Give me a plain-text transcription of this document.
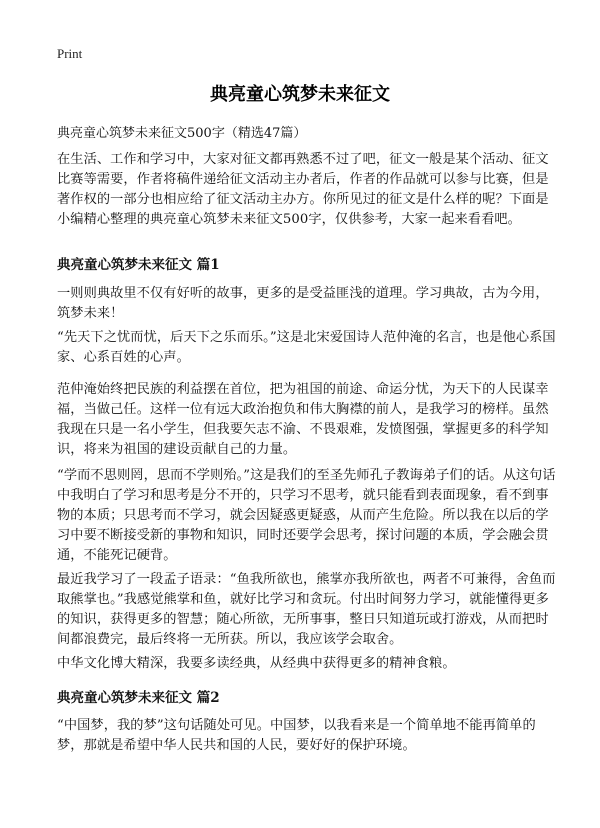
Print
典亮童心筑梦未来征文

典亮童心筑梦未来征文500字（精选47篇）

在生活、工作和学习中，大家对征文都再熟悉不过了吧，征文一般是某个活动、征文比赛等需要，作者将稿件递给征文活动主办者后，作者的作品就可以参与比赛，但是著作权的一部分也相应给了征文活动主办方。你所见过的征文是什么样的呢？下面是小编精心整理的典亮童心筑梦未来征文500字，仅供参考，大家一起来看看吧。

典亮童心筑梦未来征文 篇1

一则则典故里不仅有好听的故事，更多的是受益匪浅的道理。学习典故，古为今用，筑梦未来！

“先天下之忧而忧，后天下之乐而乐。”这是北宋爱国诗人范仲淹的名言，也是他心系国家、心系百姓的心声。

范仲淹始终把民族的利益摆在首位，把为祖国的前途、命运分忧，为天下的人民谋幸福，当做己任。这样一位有远大政治抱负和伟大胸襟的前人，是我学习的榜样。虽然我现在只是一名小学生，但我要矢志不渝、不畏艰难，发愤图强，掌握更多的科学知识，将来为祖国的建设贡献自己的力量。

“学而不思则罔，思而不学则殆。”这是我们的至圣先师孔子教诲弟子们的话。从这句话中我明白了学习和思考是分不开的，只学习不思考，就只能看到表面现象，看不到事物的本质；只思考而不学习，就会因疑惑更疑惑，从而产生危险。所以我在以后的学习中要不断接受新的事物和知识，同时还要学会思考，探讨问题的本质，学会融会贯通，不能死记硬背。

最近我学习了一段孟子语录：“鱼我所欲也，熊掌亦我所欲也，两者不可兼得，舍鱼而取熊掌也。”我感觉熊掌和鱼，就好比学习和贪玩。付出时间努力学习，就能懂得更多的知识，获得更多的智慧；随心所欲，无所事事，整日只知道玩或打游戏，从而把时间都浪费完，最后终将一无所获。所以，我应该学会取舍。

中华文化博大精深，我要多读经典，从经典中获得更多的精神食粮。

典亮童心筑梦未来征文 篇2

“中国梦，我的梦”这句话随处可见。中国梦，以我看来是一个简单地不能再简单的梦，那就是希望中华人民共和国的人民，要好好的保护环境。
